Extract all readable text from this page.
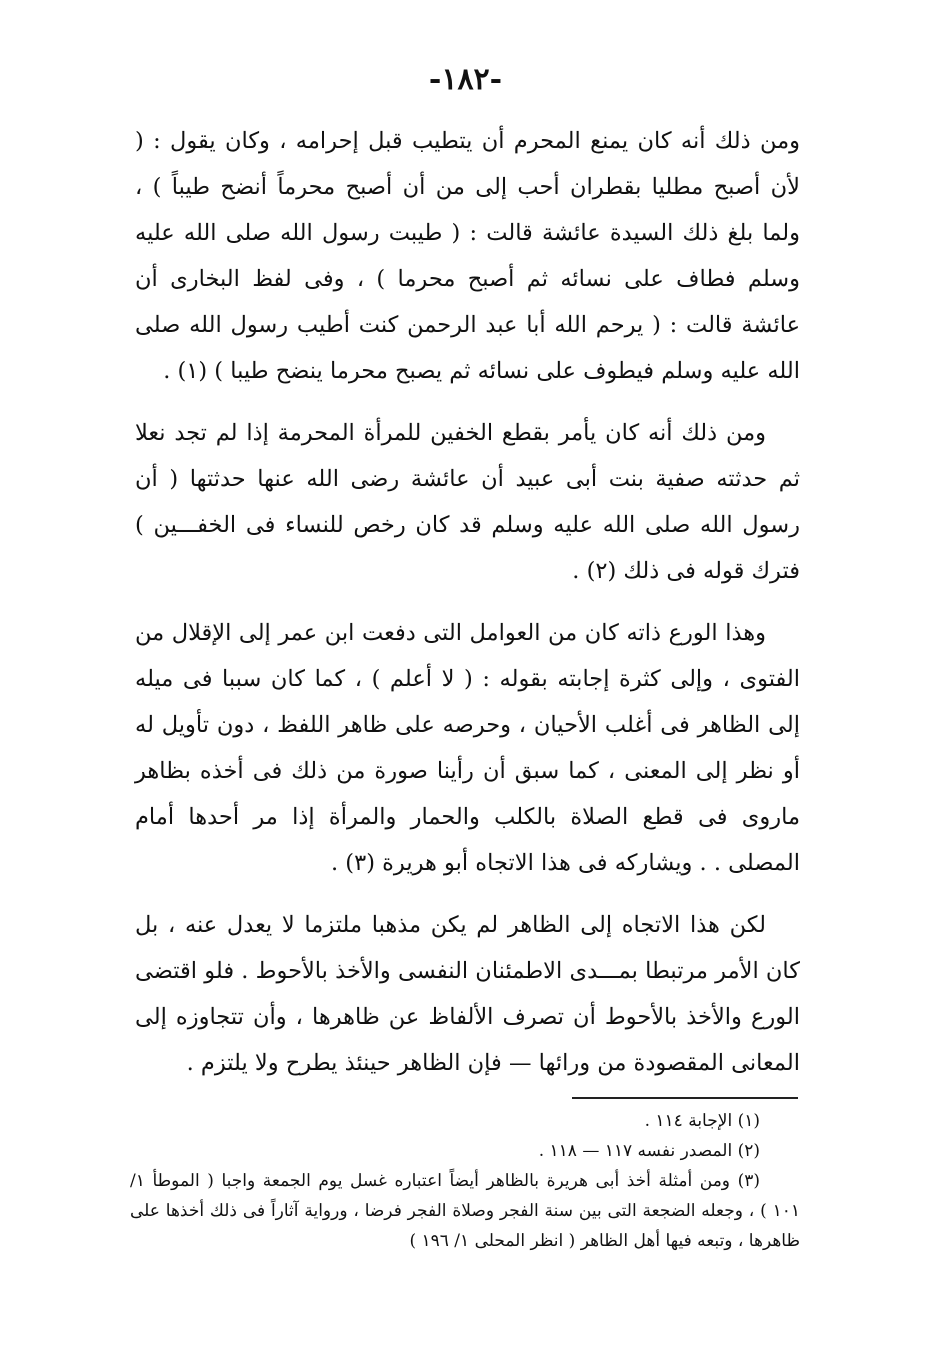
-١٨٢-

ومن ذلك أنه كان يمنع المحرم أن يتطيب قبل إحرامه ، وكان يقول : ( لأن أصبح مطليا بقطران أحب إلى من أن أصبح محرماً أنضح طيباً ) ، ولما بلغ ذلك السيدة عائشة قالت : ( طيبت رسول الله صلى الله عليه وسلم فطاف على نسائه ثم أصبح محرما ) ، وفى لفظ البخارى أن عائشة قالت : ( يرحم الله أبا عبد الرحمن كنت أطيب رسول الله صلى الله عليه وسلم فيطوف على نسائه ثم يصبح محرما ينضح طيبا ) (١) .

ومن ذلك أنه كان يأمر بقطع الخفين للمرأة المحرمة إذا لم تجد نعلا ثم حدثته صفية بنت أبى عبيد أن عائشة رضى الله عنها حدثتها ( أن رسول الله صلى الله عليه وسلم قد كان رخص للنساء فى الخفـــين ) فترك قوله فى ذلك (٢) .

وهذا الورع ذاته كان من العوامل التى دفعت ابن عمر إلى الإقلال من الفتوى ، وإلى كثرة إجابته بقوله : ( لا أعلم ) ، كما كان سببا فى ميله إلى الظاهر فى أغلب الأحيان ، وحرصه على ظاهر اللفظ ، دون تأويل له أو نظر إلى المعنى ، كما سبق أن رأينا صورة من ذلك فى أخذه بظاهر ماروى فى قطع الصلاة بالكلب والحمار والمرأة إذا مر أحدها أمام المصلى . . ويشاركه فى هذا الاتجاه أبو هريرة (٣) .

لكن هذا الاتجاه إلى الظاهر لم يكن مذهبا ملتزما لا يعدل عنه ، بل كان الأمر مرتبطا بمـــدى الاطمئنان النفسى والأخذ بالأحوط . فلو اقتضى الورع والأخذ بالأحوط أن تصرف الألفاظ عن ظاهرها ، وأن تتجاوزه إلى المعانى المقصودة من ورائها — فإن الظاهر حينئذ يطرح ولا يلتزم .

(١) الإجابة ١١٤ .

(٢) المصدر نفسه ١١٧ — ١١٨ .

(٣) ومن أمثلة أخذ أبى هريرة بالظاهر أيضاً اعتباره غسل يوم الجمعة واجبا ( الموطأ ١/ ١٠١ ) ، وجعله الضجعة التى بين سنة الفجر وصلاة الفجر فرضا ، ورواية آثاراً فى ذلك أخذها على ظاهرها ، وتبعه فيها أهل الظاهر ( انظر المحلى ١/ ١٩٦ )
